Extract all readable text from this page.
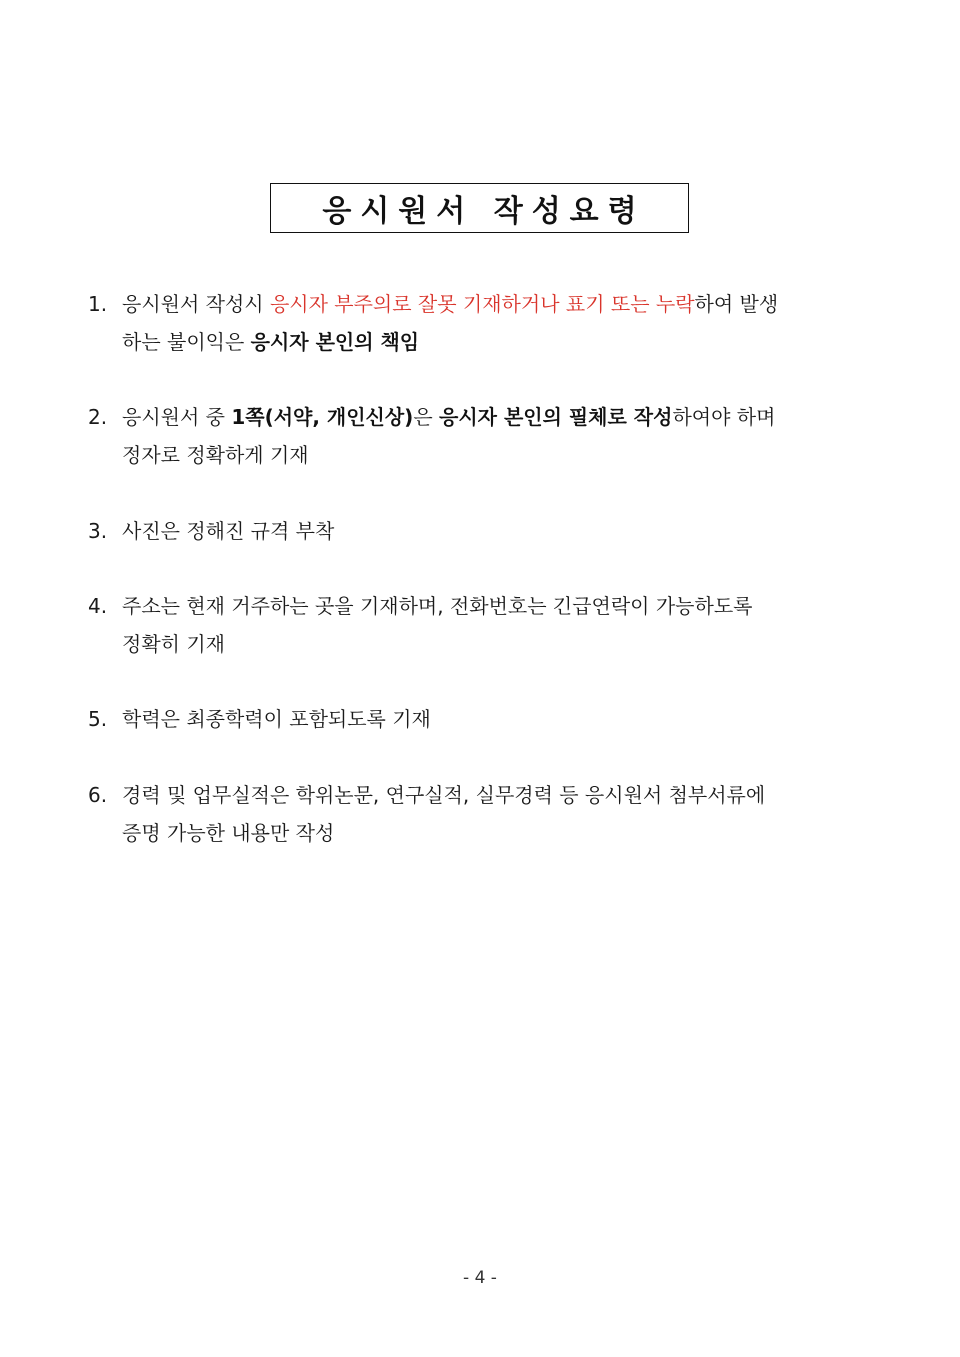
응시원서 작성요령
1. 응시원서 작성시 응시자 부주의로 잘못 기재하거나 표기 또는 누락하여 발생
하는 불이익은 응시자 본인의 책임
2. 응시원서 중 1쪽(서약, 개인신상)은 응시자 본인의 필체로 작성하여야 하며
정자로 정확하게 기재
3. 사진은 정해진 규격 부착
4. 주소는 현재 거주하는 곳을 기재하며, 전화번호는 긴급연락이 가능하도록
정확히 기재
5. 학력은 최종학력이 포함되도록 기재
6. 경력 및 업무실적은 학위논문, 연구실적, 실무경력 등 응시원서 첨부서류에
증명 가능한 내용만 작성
- 4 -
